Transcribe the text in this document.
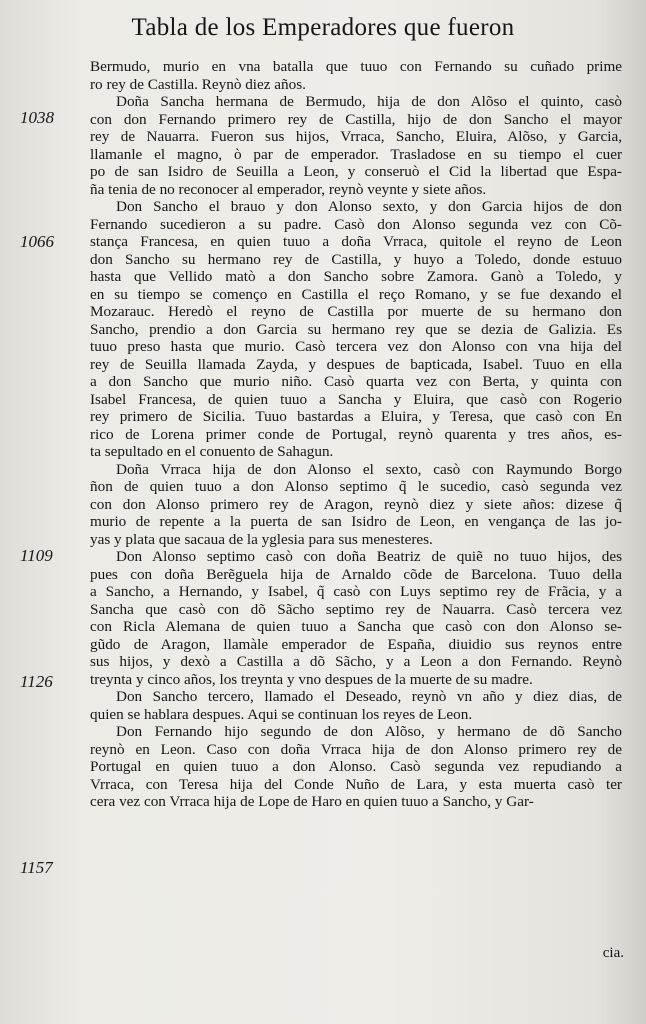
Tabla de los Emperadores que fueron
1038
1066
1109
1126
1157
Bermudo, murio en vna batalla que tuuo con Fernando su cuñado prime
ro rey de Castilla. Reynò diez años.
Doña Sancha hermana de Bermudo, hija de don Alõso el quinto, casò
con don Fernando primero rey de Castilla, hijo de don Sancho el mayor
rey de Nauarra. Fueron sus hijos, Vrraca, Sancho, Eluira, Alõso, y Garcia,
llamanle el magno, ò par de emperador. Trasladose en su tiempo el cuer
po de san Isidro de Seuilla a Leon, y conseruò el Cid la libertad que Espa-
ña tenia de no reconocer al emperador, reynò veynte y siete años.
Don Sancho el brauo y don Alonso sexto, y don Garcia hijos de don
Fernando sucedieron a su padre. Casò don Alonso segunda vez con Cõ-
stança Francesa, en quien tuuo a doña Vrraca, quitole el reyno de Leon
don Sancho su hermano rey de Castilla, y huyo a Toledo, donde estuuo
hasta que Vellido matò a don Sancho sobre Zamora. Ganò a Toledo, y
en su tiempo se començo en Castilla el reço Romano, y se fue dexando el
Mozarauc. Heredò el reyno de Castilla por muerte de su hermano don
Sancho, prendio a don Garcia su hermano rey que se dezia de Galizia. Es
tuuo preso hasta que murio. Casò tercera vez don Alonso con vna hija del
rey de Seuilla llamada Zayda, y despues de bapticada, Isabel. Tuuo en ella
a don Sancho que murio niño. Casò quarta vez con Berta, y quinta con
Isabel Francesa, de quien tuuo a Sancha y Eluira, que casò con Rogerio
rey primero de Sicilia. Tuuo bastardas a Eluira, y Teresa, que casò con En
rico de Lorena primer conde de Portugal, reynò quarenta y tres años, es-
ta sepultado en el conuento de Sahagun.
Doña Vrraca hija de don Alonso el sexto, casò con Raymundo Borgo
ñon de quien tuuo a don Alonso septimo q̃ le sucedio, casò segunda vez
con don Alonso primero rey de Aragon, reynò diez y siete años: dizese q̃
murio de repente a la puerta de san Isidro de Leon, en vengança de las jo-
yas y plata que sacaua de la yglesia para sus menesteres.
Don Alonso septimo casò con doña Beatriz de quiẽ no tuuo hijos, des
pues con doña Berẽguela hija de Arnaldo cõde de Barcelona. Tuuo della
a Sancho, a Hernando, y Isabel, q̃ casò con Luys septimo rey de Frãcia, y a
Sancha que casò con dõ Sãcho septimo rey de Nauarra. Casò tercera vez
con Ricla Alemana de quien tuuo a Sancha que casò con don Alonso se-
gũdo de Aragon, llamàle emperador de España, diuidio sus reynos entre
sus hijos, y dexò a Castilla a dõ Sãcho, y a Leon a don Fernando. Reynò
treynta y cinco años, los treynta y vno despues de la muerte de su madre.
Don Sancho tercero, llamado el Deseado, reynò vn año y diez dias, de
quien se hablara despues. Aqui se continuan los reyes de Leon.
Don Fernando hijo segundo de don Alõso, y hermano de dõ Sancho
reynò en Leon. Caso con doña Vrraca hija de don Alonso primero rey de
Portugal en quien tuuo a don Alonso. Casò segunda vez repudiando a
Vrraca, con Teresa hija del Conde Nuño de Lara, y esta muerta casò ter
cera vez con Vrraca hija de Lope de Haro en quien tuuo a Sancho, y Gar-
cia.
